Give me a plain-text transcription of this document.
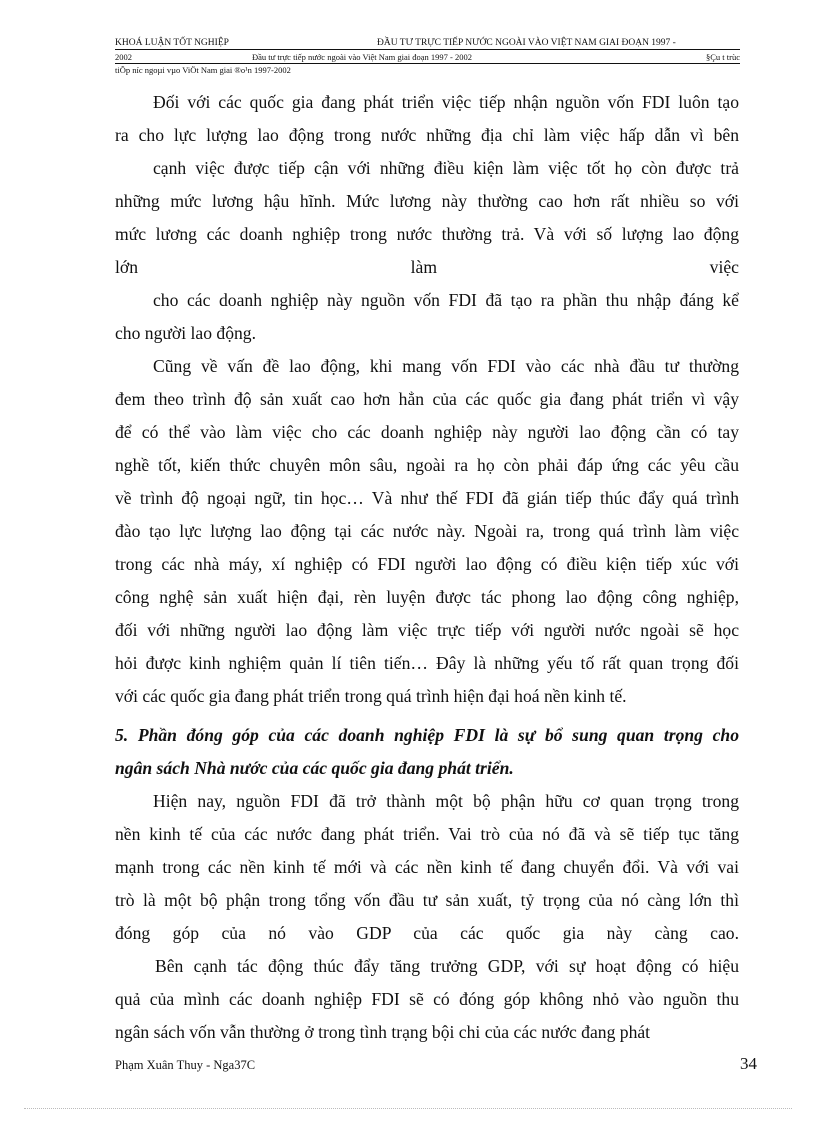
KHOÁ LUẬN TỐT NGHIỆP	ĐẦU TƯ TRỰC TIẾP NƯỚC NGOÀI VÀO VIỆT NAM GIAI ĐOẠN 1997 -
2002	Đầu tư trực tiếp nước ngoài vào Việt Nam giai đoạn 1997 - 2002	§Çu t trùc
tiÕp níc ngoµi vµo ViÖt Nam giai ®o¹n 1997-2002
Đối với các quốc gia đang phát triển việc tiếp nhận nguồn vốn FDI luôn tạo
ra cho lực lượng lao động trong nước những địa chỉ làm việc hấp dẫn vì bên
cạnh việc được tiếp cận với những điều kiện làm việc tốt họ còn được trả
những mức lương hậu hĩnh. Mức lương này thường cao hơn rất nhiều so với
mức lương các doanh nghiệp trong nước thường trả. Và với số lượng lao động
lớn                                      làm                                      việc
cho các doanh nghiệp này nguồn vốn FDI đã tạo ra phần thu nhập đáng kể
cho người lao động.
Cũng về vấn đề lao động, khi mang vốn FDI vào các nhà đầu tư thường
đem theo trình độ sản xuất cao hơn hẳn của các quốc gia đang phát triển vì vậy
để có thể vào làm việc cho các doanh nghiệp này người lao động cần có tay
nghề tốt, kiến thức chuyên môn sâu, ngoài ra họ còn phải đáp ứng các yêu cầu
về trình độ ngoại ngữ, tin học… Và như thế FDI đã gián tiếp thúc đẩy quá trình
đào tạo lực lượng lao động tại các nước này. Ngoài ra, trong quá trình làm việc
trong các nhà máy, xí nghiệp có FDI người lao động có điều kiện tiếp xúc với
công nghệ sản xuất hiện đại, rèn luyện được tác phong lao động công nghiệp,
đối với những người lao động làm việc trực tiếp với người nước ngoài sẽ học
hỏi được kinh nghiệm quản lí tiên tiến… Đây là những yếu tố rất quan trọng đối
với các quốc gia đang phát triển trong quá trình hiện đại hoá nền kinh tế.
5. Phần đóng góp của các doanh nghiệp FDI là sự bổ sung quan trọng cho
ngân sách Nhà nước của các quốc gia đang phát triển.
Hiện nay, nguồn FDI đã trở thành một bộ phận hữu cơ quan trọng trong
nền kinh tế của các nước đang phát triển. Vai trò của nó đã và sẽ tiếp tục tăng
mạnh trong các nền kinh tế mới và các nền kinh tế đang chuyển đổi. Và với vai
trò là một bộ phận trong tổng vốn đầu tư sản xuất, tỷ trọng của nó càng lớn thì
đóng góp của nó vào GDP của các quốc gia này càng cao.
Bên cạnh tác động thúc đẩy tăng trưởng GDP, với sự hoạt động có hiệu
quả của mình các doanh nghiệp FDI sẽ có đóng góp không nhỏ vào nguồn thu
ngân sách vốn vẫn thường ở trong tình trạng bội chi của các nước đang phát
Phạm Xuân Thuy - Nga37C	34
